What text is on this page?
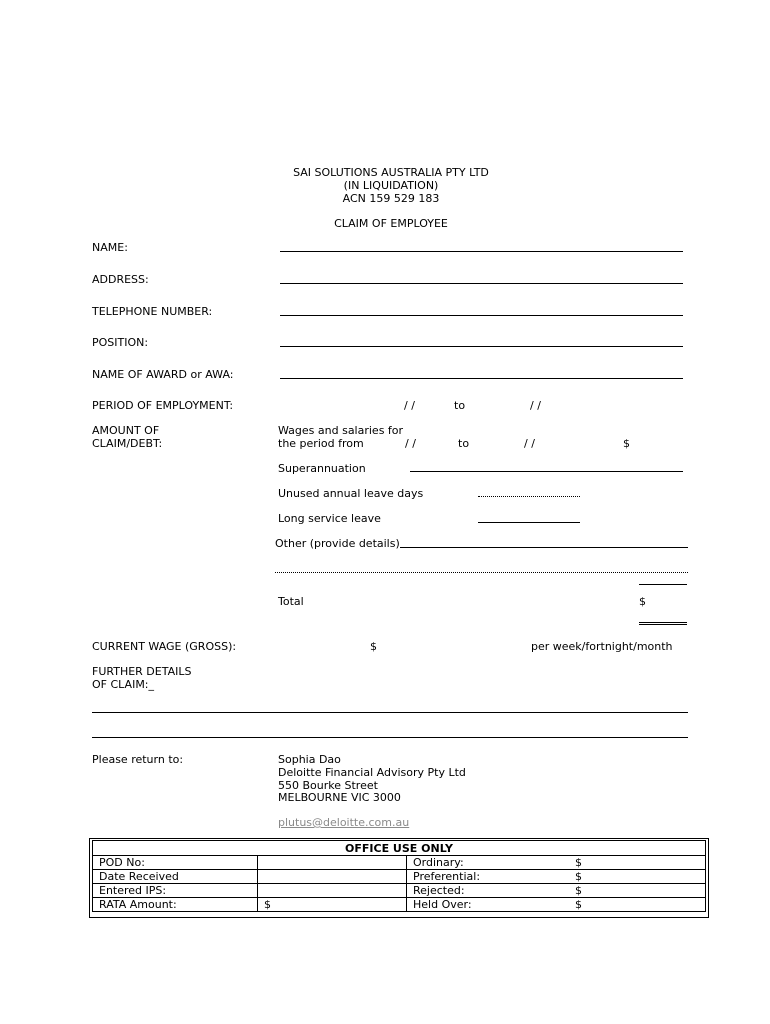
SAI SOLUTIONS AUSTRALIA PTY LTD
(IN LIQUIDATION)
ACN 159 529 183
CLAIM OF EMPLOYEE
NAME:
ADDRESS:
TELEPHONE NUMBER:
POSITION:
NAME OF AWARD or AWA:
PERIOD OF EMPLOYMENT:	/ /	to	/ /
AMOUNT OF
CLAIM/DEBT:
Wages and salaries for
the period from	/ /	to	/ /	$
Superannuation
Unused annual leave days
Long service leave
Other (provide details)
Total	$
CURRENT WAGE (GROSS):	$	per week/fortnight/month
FURTHER DETAILS
OF CLAIM:_
Please return to:	Sophia Dao
Deloitte Financial Advisory Pty Ltd
550 Bourke Street
MELBOURNE VIC 3000
plutus@deloitte.com.au
OFFICE USE ONLY		
POD No:		Ordinary: $
Date Received		Preferential: $
Entered IPS:		Rejected: $
RATA Amount:	$	Held Over: $
